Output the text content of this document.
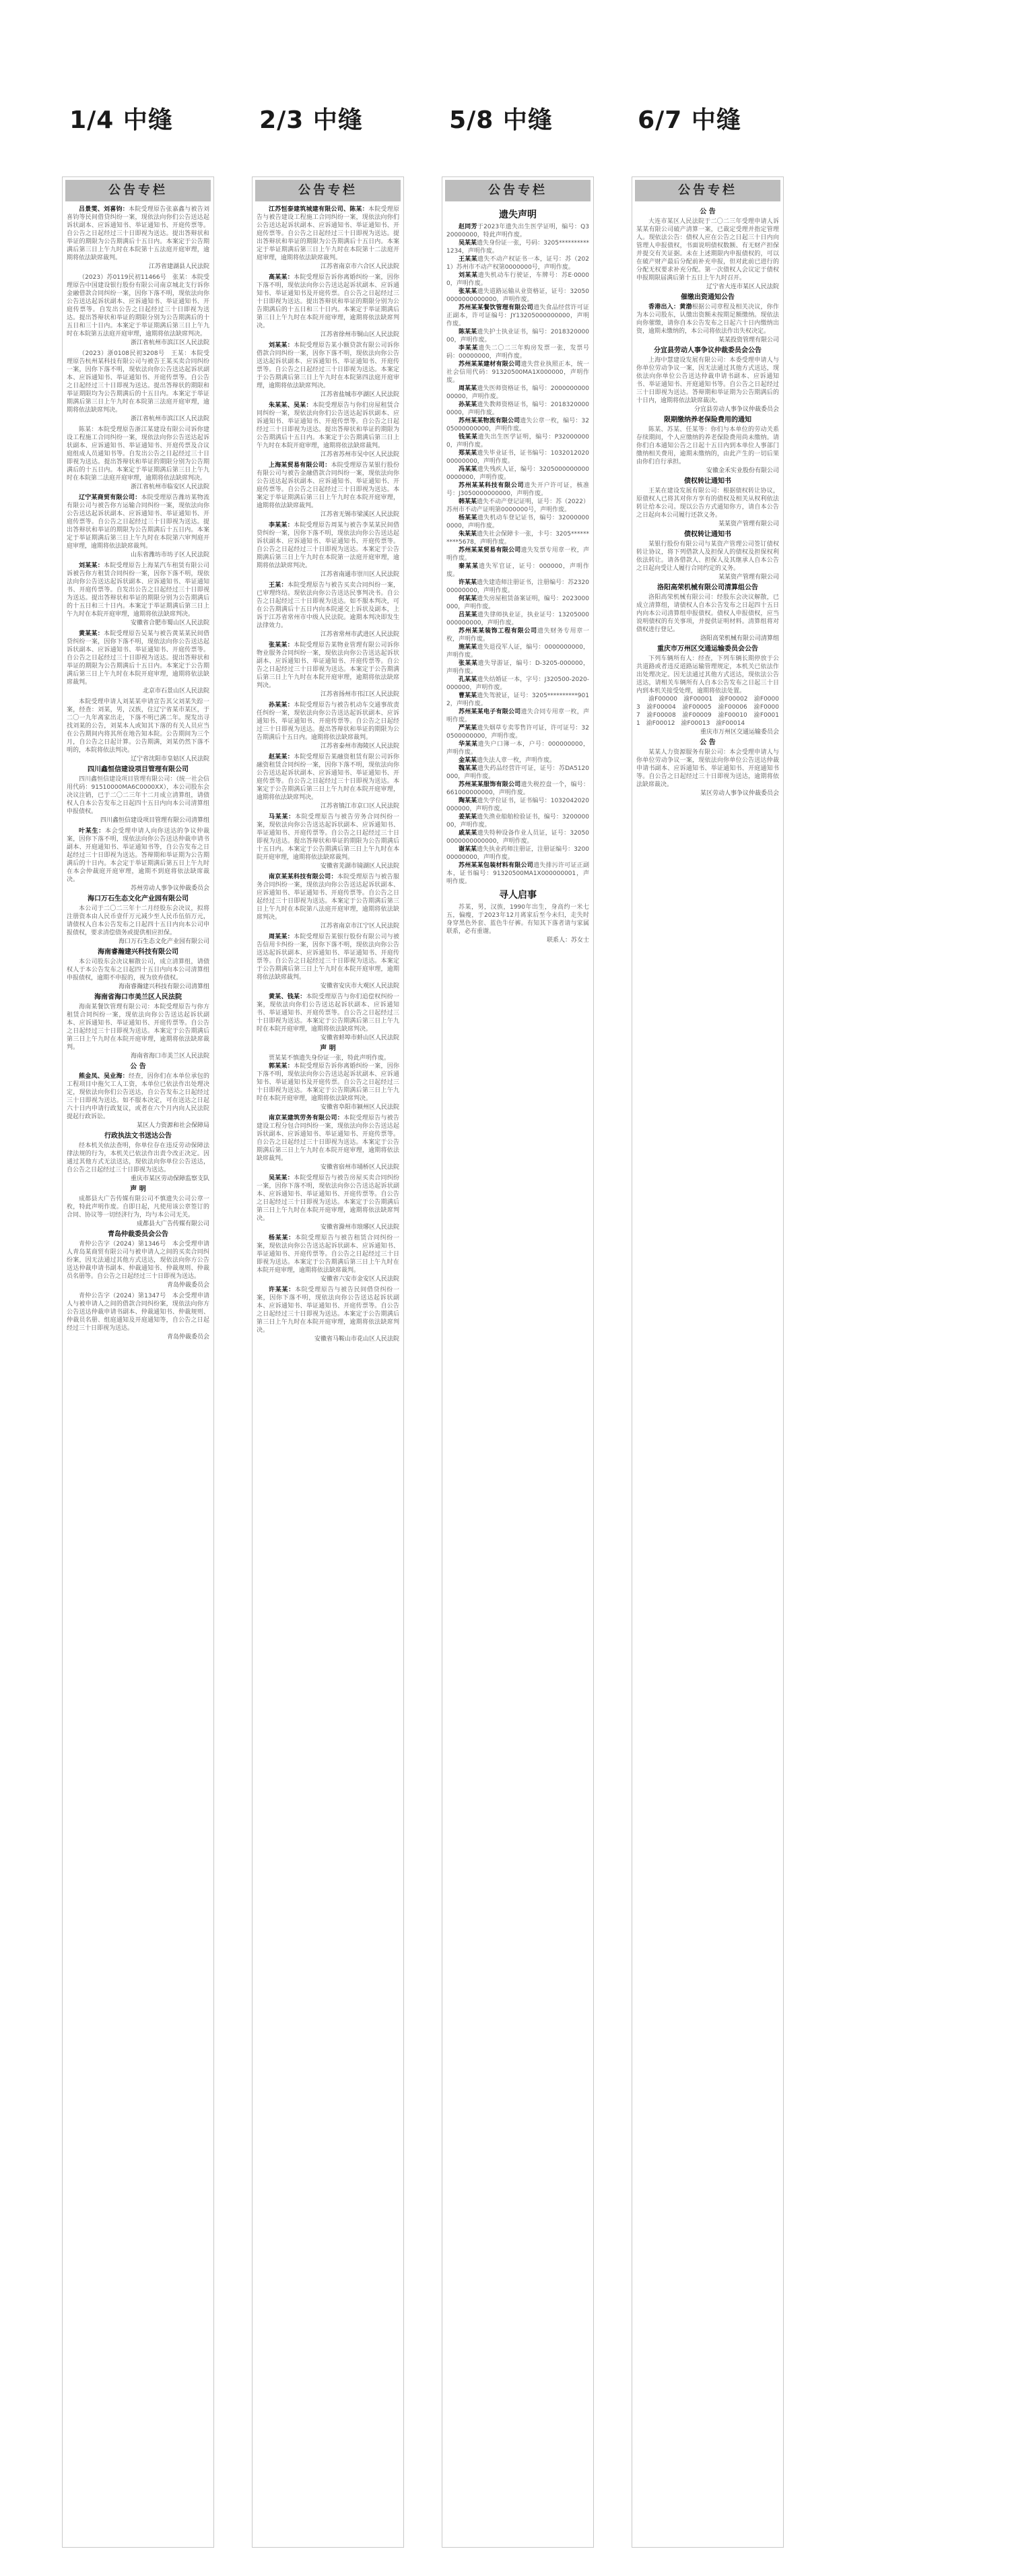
1/4 中缝	2/3 中缝	5/8 中缝	6/7 中缝
公告专栏

吕景雯、刘喜钧：本院受理原告张嘉鑫与被告刘喜钧等民间借贷纠纷一案，现依法向你们公告送达起诉状副本、应诉通知书、举证通知书、开庭传票等。自公告之日起经过三十日即视为送达。提出答辩状和举证的期限为公告期满后十五日内。本案定于公告期满后第三日上午九时在本院第十五法庭开庭审理，逾期将依法缺席裁判。

江苏省建湖县人民法院

（2023）苏0119民初11466号　张某：本院受理原告中国建设银行股份有限公司南京城北支行诉你金融借款合同纠纷一案，因你下落不明，现依法向你公告送达起诉状副本、应诉通知书、举证通知书、开庭传票等。自发出公告之日起经过三十日即视为送达。提出答辩状和举证的期限分别为公告期满后的十五日和三十日内。本案定于举证期满后第三日上午九时在本院第五法庭开庭审理，逾期将依法缺席判决。

浙江省杭州市滨江区人民法院

（2023）浙0108民初3208号　王某：本院受理原告杭州某科技有限公司与被告王某买卖合同纠纷一案，因你下落不明，现依法向你公告送达起诉状副本、应诉通知书、举证通知书、开庭传票等。自公告之日起经过三十日即视为送达。提出答辩状的期限和举证期限均为公告期满后的十五日内。本案定于举证期满后第三日上午九时在本院第三法庭开庭审理，逾期将依法缺席判决。

浙江省杭州市滨江区人民法院

陈某：本院受理原告浙江某建设有限公司诉你建设工程施工合同纠纷一案，现依法向你公告送达起诉状副本、应诉通知书、举证通知书、开庭传票及合议庭组成人员通知书等。自发出公告之日起经过三十日即视为送达。提出答辩状和举证的期限分别为公告期满后的十五日内。本案定于举证期满后第三日上午九时在本院第二法庭开庭审理，逾期将依法缺席判决。

浙江省杭州市临安区人民法院

辽宁某商贸有限公司：本院受理原告潍坊某物流有限公司与被告你方运输合同纠纷一案，现依法向你公告送达起诉状副本、应诉通知书、举证通知书、开庭传票等。自公告之日起经过三十日即视为送达。提出答辩状和举证的期限为公告期满后十五日内。本案定于举证期满后第三日上午九时在本院第六审判庭开庭审理，逾期将依法缺席裁判。

山东省潍坊市坊子区人民法院

刘某某：本院受理原告上海某汽车租赁有限公司诉被告你方租赁合同纠纷一案，因你下落不明，现依法向你公告送达起诉状副本、应诉通知书、举证通知书、开庭传票等。自发出公告之日起经过三十日即视为送达。提出答辩状和举证的期限分别为公告期满后的十五日和三十日内。本案定于举证期满后第三日上午九时在本院开庭审理，逾期将依法缺席判决。

安徽省合肥市蜀山区人民法院

黄某某：本院受理原告吴某与被告黄某某民间借贷纠纷一案，因你下落不明，现依法向你公告送达起诉状副本、应诉通知书、举证通知书、开庭传票等。自公告之日起经过三十日即视为送达。提出答辩状和举证的期限为公告期满后十五日内。本案定于公告期满后第三日上午九时在本院开庭审理，逾期将依法缺席裁判。

北京市石景山区人民法院

本院受理申请人刘某某申请宣告其父刘某失踪一案，经查：刘某，男，汉族，住辽宁省某市某区，于二〇一九年离家出走，下落不明已满二年。现发出寻找刘某的公告，刘某本人或知其下落的有关人员应当在公告期间内将其所在地告知本院。公告期间为三个月，自公告之日起计算。公告期满，刘某仍然下落不明的，本院将依法判决。

辽宁省沈阳市皇姑区人民法院
四川鑫恒信建设项目管理有限公司

四川鑫恒信建设项目管理有限公司：（统一社会信用代码：91510000MA6C0000XX），本公司股东会决议注销，已于二〇二三年十二月成立清算组，请债权人自本公告发布之日起四十五日内向本公司清算组申报债权。

四川鑫恒信建设项目管理有限公司清算组

叶某生：本会受理申请人向你送达的争议仲裁案，因你下落不明，现依法向你公告送达仲裁申请书副本、开庭通知书、举证通知书等，自公告发布之日起经过三十日即视为送达。答辩期和举证期为公告期满后的十日内。本会定于举证期满后第五日上午九时在本会仲裁庭开庭审理，逾期不到庭将依法缺席裁决。

苏州劳动人事争议仲裁委员会
海口万石生态文化产业园有限公司

本公司于二〇二三年十二月经股东会决议，拟将注册资本由人民币壹仟万元减少至人民币伍佰万元，请债权人自本公告发布之日起四十五日内向本公司申报债权，要求清偿债务或提供相应担保。

海口万石生态文化产业园有限公司
海南睿瀚建兴科技有限公司

本公司股东会决议解散公司，成立清算组，请债权人于本公告发布之日起四十五日内向本公司清算组申报债权，逾期不申报的，视为放弃债权。

海南睿瀚建兴科技有限公司清算组
海南省海口市美兰区人民法院

海南某餐饮管理有限公司：本院受理原告与你方租赁合同纠纷一案，现依法向你公告送达起诉状副本、应诉通知书、举证通知书、开庭传票等。自公告之日起经过三十日即视为送达。本案定于公告期满后第三日上午九时在本院开庭审理，逾期将依法缺席裁判。

海南省海口市美兰区人民法院
公 告

熊金凤、吴业海：经查，因你们在本单位承包的工程项目中拖欠工人工资，本单位已依法作出处理决定，现依法向你们公告送达，自公告发布之日起经过三十日即视为送达。如不服本决定，可在送达之日起六十日内申请行政复议，或者在六个月内向人民法院提起行政诉讼。

某区人力资源和社会保障局
行政执法文书送达公告

经本机关依法查明，你单位存在违反劳动保障法律法规的行为，本机关已依法作出责令改正决定。因通过其他方式无法送达，现依法向你单位公告送达，自公告之日起经过三十日即视为送达。

重庆市某区劳动保障监察支队
声 明

成都县大广告传媒有限公司不慎遗失公司公章一枚，特此声明作废。自即日起，凡使用该公章签订的合同、协议等一切经济行为，均与本公司无关。

成都县大广告传媒有限公司
青岛仲裁委员会公告

青仲公告字（2024）第1346号　本会受理申请人青岛某商贸有限公司与被申请人之间的买卖合同纠纷案，因无法通过其他方式送达，现依法向你方公告送达仲裁申请书副本、仲裁通知书、仲裁规则、仲裁员名册等。自公告之日起经过三十日即视为送达。

青岛仲裁委员会

青仲公告字（2024）第1347号　本会受理申请人与被申请人之间的借款合同纠纷案，现依法向你方公告送达仲裁申请书副本、仲裁通知书、仲裁规则、仲裁员名册、组庭通知及开庭通知等，自公告之日起经过三十日即视为送达。

青岛仲裁委员会
公告专栏

江苏恒泰建筑城建有限公司、陈某：本院受理原告与被告建设工程施工合同纠纷一案，现依法向你们公告送达起诉状副本、应诉通知书、举证通知书、开庭传票等。自公告之日起经过三十日即视为送达。提出答辩状和举证的期限为公告期满后十五日内。本案定于举证期满后第三日上午九时在本院第十二法庭开庭审理，逾期将依法缺席裁判。

江苏省南京市六合区人民法院

高某某：本院受理原告诉你离婚纠纷一案，因你下落不明，现依法向你公告送达起诉状副本、应诉通知书、举证通知书及开庭传票。自公告之日起经过三十日即视为送达。提出答辩状和举证的期限分别为公告期满后的十五日和三十日内。本案定于举证期满后第三日上午九时在本院开庭审理，逾期将依法缺席判决。

江苏省徐州市铜山区人民法院

刘某某：本院受理原告某小额贷款有限公司诉你借款合同纠纷一案，因你下落不明，现依法向你公告送达起诉状副本、应诉通知书、举证通知书、开庭传票等。自公告之日起经过三十日即视为送达。本案定于公告期满后第三日上午九时在本院第四法庭开庭审理，逾期将依法缺席判决。

江苏省盐城市亭湖区人民法院

朱某某、吴某：本院受理原告与你们房屋租赁合同纠纷一案，现依法向你们公告送达起诉状副本、应诉通知书、举证通知书、开庭传票等。自公告之日起经过三十日即视为送达。提出答辩状和举证的期限为公告期满后十五日内。本案定于公告期满后第三日上午九时在本院开庭审理，逾期将依法缺席裁判。

江苏省苏州市吴中区人民法院

上海某贸易有限公司：本院受理原告某银行股份有限公司与被告金融借款合同纠纷一案，现依法向你公告送达起诉状副本、应诉通知书、举证通知书、开庭传票等。自公告之日起经过三十日即视为送达。本案定于举证期满后第三日上午九时在本院开庭审理，逾期将依法缺席裁判。

江苏省无锡市梁溪区人民法院

李某某：本院受理原告周某与被告李某某民间借贷纠纷一案，因你下落不明，现依法向你公告送达起诉状副本、应诉通知书、举证通知书、开庭传票等。自公告之日起经过三十日即视为送达。本案定于公告期满后第三日上午九时在本院第一法庭开庭审理，逾期将依法缺席判决。

江苏省南通市崇川区人民法院

王某：本院受理原告与被告买卖合同纠纷一案，已审理终结。现依法向你公告送达民事判决书。自公告之日起经过三十日即视为送达。如不服本判决，可在公告期满后十五日内向本院递交上诉状及副本，上诉于江苏省常州市中级人民法院。逾期本判决即发生法律效力。

江苏省常州市武进区人民法院

张某某：本院受理原告某物业管理有限公司诉你物业服务合同纠纷一案，现依法向你公告送达起诉状副本、应诉通知书、举证通知书、开庭传票等。自公告之日起经过三十日即视为送达。本案定于公告期满后第三日上午九时在本院开庭审理，逾期将依法缺席判决。

江苏省扬州市邗江区人民法院

孙某某：本院受理原告与被告机动车交通事故责任纠纷一案，现依法向你公告送达起诉状副本、应诉通知书、举证通知书、开庭传票等。自公告之日起经过三十日即视为送达。提出答辩状和举证的期限为公告期满后十五日内。逾期将依法缺席裁判。

江苏省泰州市海陵区人民法院

赵某某：本院受理原告某融资租赁有限公司诉你融资租赁合同纠纷一案，因你下落不明，现依法向你公告送达起诉状副本、应诉通知书、举证通知书、开庭传票等。自公告之日起经过三十日即视为送达。本案定于公告期满后第三日上午九时在本院开庭审理，逾期将依法缺席判决。

江苏省镇江市京口区人民法院

马某某：本院受理原告与被告劳务合同纠纷一案，现依法向你公告送达起诉状副本、应诉通知书、举证通知书、开庭传票等。自公告之日起经过三十日即视为送达。提出答辩状和举证的期限为公告期满后十五日内。本案定于公告期满后第三日上午九时在本院开庭审理，逾期将依法缺席裁判。

安徽省芜湖市镜湖区人民法院

南京某某科技有限公司：本院受理原告与被告服务合同纠纷一案，现依法向你公告送达起诉状副本、应诉通知书、举证通知书、开庭传票等。自公告之日起经过三十日即视为送达。本案定于公告期满后第三日上午九时在本院第八法庭开庭审理，逾期将依法缺席判决。

江苏省南京市江宁区人民法院

周某某：本院受理原告某银行股份有限公司与被告信用卡纠纷一案，因你下落不明，现依法向你公告送达起诉状副本、应诉通知书、举证通知书、开庭传票等。自公告之日起经过三十日即视为送达。本案定于公告期满后第三日上午九时在本院开庭审理，逾期将依法缺席裁判。

安徽省安庆市大观区人民法院

黄某、钱某：本院受理原告与你们追偿权纠纷一案，现依法向你们公告送达起诉状副本、应诉通知书、举证通知书、开庭传票等。自公告之日起经过三十日即视为送达。本案定于公告期满后第三日上午九时在本院开庭审理，逾期将依法缺席判决。

安徽省蚌埠市蚌山区人民法院
声 明

贾某某不慎遗失身份证一张，特此声明作废。

郭某某：本院受理原告诉你离婚纠纷一案，因你下落不明，现依法向你公告送达起诉状副本、应诉通知书、举证通知书及开庭传票。自公告之日起经过三十日即视为送达。本案定于公告期满后第三日上午九时在本院开庭审理，逾期将依法缺席判决。

安徽省阜阳市颍州区人民法院

南京某建筑劳务有限公司：本院受理原告与被告建设工程分包合同纠纷一案，现依法向你公告送达起诉状副本、应诉通知书、举证通知书、开庭传票等。自公告之日起经过三十日即视为送达。本案定于公告期满后第三日上午九时在本院开庭审理，逾期将依法缺席裁判。

安徽省宿州市埇桥区人民法院

吴某某：本院受理原告与被告房屋买卖合同纠纷一案，因你下落不明，现依法向你公告送达起诉状副本、应诉通知书、举证通知书、开庭传票等。自公告之日起经过三十日即视为送达。本案定于公告期满后第三日上午九时在本院开庭审理，逾期将依法缺席判决。

安徽省滁州市琅琊区人民法院

杨某某：本院受理原告与被告租赁合同纠纷一案，现依法向你公告送达起诉状副本、应诉通知书、举证通知书、开庭传票等。自公告之日起经过三十日即视为送达。本案定于公告期满后第三日上午九时在本院开庭审理，逾期将依法缺席裁判。

安徽省六安市金安区人民法院

许某某：本院受理原告与被告民间借贷纠纷一案，因你下落不明，现依法向你公告送达起诉状副本、应诉通知书、举证通知书、开庭传票等。自公告之日起经过三十日即视为送达。本案定于公告期满后第三日上午九时在本院开庭审理，逾期将依法缺席判决。

安徽省马鞍山市花山区人民法院
公告专栏
遗失声明

赵同芳于2023年遗失出生医学证明，编号：Q320000000，特此声明作废。

吴某某遗失身份证一张，号码：3205**********1234，声明作废。

王某某遗失不动产权证书一本，证号：苏（2021）苏州市不动产权第0000000号，声明作废。

刘某某遗失机动车行驶证，车牌号：苏E·00000，声明作废。

张某某遗失道路运输从业资格证，证号：320500000000000000，声明作废。

苏州某某餐饮管理有限公司遗失食品经营许可证正副本，许可证编号：JY13205000000000，声明作废。

陈某某遗失护士执业证书，编号：201832000000，声明作废。

李某某遗失二〇二三年购房发票一张，发票号码：00000000，声明作废。

苏州某某建材有限公司遗失营业执照正本，统一社会信用代码：91320500MA1X000000，声明作废。

周某某遗失医师资格证书，编号：200000000000000，声明作废。

孙某某遗失教师资格证书，编号：20183200000000，声明作废。

苏州某某物流有限公司遗失公章一枚，编号：3205000000000，声明作废。

钱某某遗失出生医学证明，编号：P320000000，声明作废。

郑某某遗失毕业证书，证书编号：103201202000000000，声明作废。

冯某某遗失残疾人证，编号：32050000000000000000，声明作废。

苏州某某科技有限公司遗失开户许可证，核准号：J3050000000000，声明作废。

韩某某遗失不动产登记证明，证号：苏（2022）苏州市不动产证明第0000000号，声明作废。

杨某某遗失机动车登记证书，编号：320000000000，声明作废。

朱某某遗失社会保障卡一张，卡号：3205**********5678，声明作废。

苏州某某贸易有限公司遗失发票专用章一枚，声明作废。

秦某某遗失军官证，证号：000000，声明作废。

许某某遗失建造师注册证书，注册编号：苏232000000000，声明作废。

何某某遗失房屋租赁备案证明，编号：2023000000，声明作废。

吕某某遗失律师执业证，执业证号：13205000000000000，声明作废。

苏州某某装饰工程有限公司遗失财务专用章一枚，声明作废。

施某某遗失退役军人证，编号：0000000000，声明作废。

张某某遗失导游证，编号：D-3205-000000，声明作废。

孔某某遗失结婚证一本，字号：J320500-2020-000000，声明作废。

曹某某遗失驾驶证，证号：3205**********9012，声明作废。

苏州某某电子有限公司遗失合同专用章一枚，声明作废。

严某某遗失烟草专卖零售许可证，许可证号：320500000000，声明作废。

华某某遗失户口簿一本，户号：000000000，声明作废。

金某某遗失法人章一枚，声明作废。

魏某某遗失药品经营许可证，证号：苏DA5120000，声明作废。

苏州某某服饰有限公司遗失税控盘一个，编号：661000000000，声明作废。

陶某某遗失学位证书，证书编号：1032042020000000，声明作废。

姜某某遗失渔业船舶检验证书，编号：320000000，声明作废。

戚某某遗失特种设备作业人员证，证号：320500000000000000，声明作废。

谢某某遗失执业药师注册证，注册证编号：320000000000，声明作废。

苏州某某包装材料有限公司遗失排污许可证正副本，证书编号：91320500MA1X000000001，声明作废。

寻人启事

苏某，男，汉族，1990年出生，身高约一米七五，偏瘦，于2023年12月离家后至今未归，走失时身穿黑色外套、蓝色牛仔裤。有知其下落者请与家属联系，必有重谢。

联系人：苏女士
公告专栏
公 告

大连市某区人民法院于二〇二三年受理申请人诉某某有限公司破产清算一案，已裁定受理并指定管理人。现依法公告：债权人应在公告之日起三十日内向管理人申报债权，书面说明债权数额、有无财产担保并提交有关证据。未在上述期限内申报债权的，可以在破产财产最后分配前补充申报，但对此前已进行的分配无权要求补充分配。第一次债权人会议定于债权申报期限届满后第十五日上午九时召开。

辽宁省大连市某区人民法院
催缴出资通知公告

香港出入：黄渤根据公司章程及相关决议，你作为本公司股东，认缴出资额未按期足额缴纳。现依法向你催缴，请你自本公告发布之日起六十日内缴纳出资，逾期未缴纳的，本公司将依法作出失权决定。

某某投资管理有限公司
分宜县劳动人事争议仲裁委员会公告

上海中慧建设发展有限公司：本委受理申请人与你单位劳动争议一案，因无法通过其他方式送达，现依法向你单位公告送达仲裁申请书副本、应诉通知书、举证通知书、开庭通知书等。自公告之日起经过三十日即视为送达。答辩期和举证期为公告期满后的十日内，逾期将依法缺席裁决。

分宜县劳动人事争议仲裁委员会
限期缴纳养老保险费用的通知

陈某、苏某、任某等：你们与本单位的劳动关系存续期间，个人应缴纳的养老保险费用尚未缴纳。请你们自本通知公告之日起十五日内到本单位人事部门缴纳相关费用，逾期未缴纳的，由此产生的一切后果由你们自行承担。

安徽金禾实业股份有限公司
债权转让通知书

王某在建设发展有限公司：根据债权转让协议，原债权人已将其对你方享有的债权及相关从权利依法转让给本公司。现以公告方式通知你方，请自本公告之日起向本公司履行还款义务。

某某资产管理有限公司
债权转让通知书

某银行股份有限公司与某资产管理公司签订债权转让协议，将下列借款人及担保人的债权及担保权利依法转让。请各借款人、担保人及其继承人自本公告之日起向受让人履行合同约定的义务。

某某资产管理有限公司
洛阳高荣机械有限公司清算组公告

洛阳高荣机械有限公司：经股东会决议解散，已成立清算组，请债权人自本公告发布之日起四十五日内向本公司清算组申报债权。债权人申报债权，应当说明债权的有关事项，并提供证明材料。清算组将对债权进行登记。

洛阳高荣机械有限公司清算组
重庆市万州区交通运输委员会公告

下列车辆所有人：经查，下列车辆长期停放于公共道路或者违反道路运输管理规定，本机关已依法作出处理决定。因无法通过其他方式送达，现依法公告送达，请相关车辆所有人自本公告发布之日起三十日内到本机关接受处理，逾期将依法处置。

渝F00000　渝F00001　渝F00002　渝F00003　渝F00004　渝F00005　渝F00006　渝F00007　渝F00008　渝F00009　渝F00010　渝F00011　渝F00012　渝F00013　渝F00014

重庆市万州区交通运输委员会
公 告

某某人力资源服务有限公司：本会受理申请人与你单位劳动争议一案，现依法向你单位公告送达仲裁申请书副本、应诉通知书、举证通知书、开庭通知书等。自公告之日起经过三十日即视为送达，逾期将依法缺席裁决。

某区劳动人事争议仲裁委员会
